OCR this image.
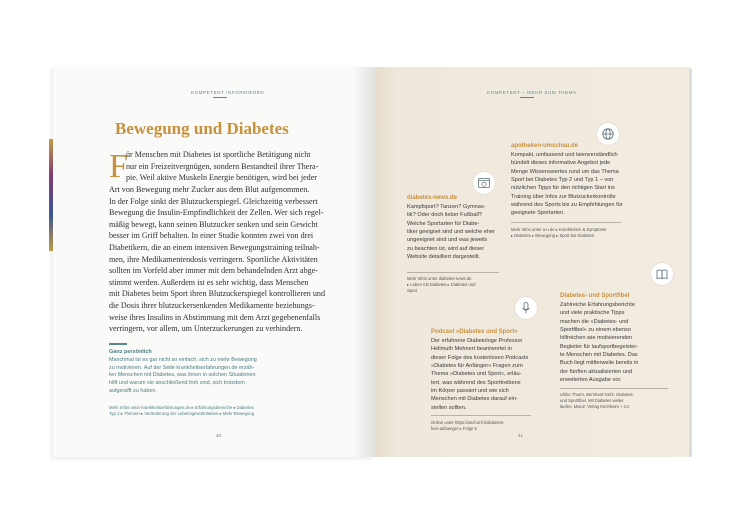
KOMPETENT INFORMIEREN
Bewegung und Diabetes
F
ür Menschen mit Diabetes ist sportliche Betätigung nicht
nur ein Freizeitvergnügen, sondern Bestandteil ihrer Thera-
pie. Weil aktive Muskeln Energie benötigen, wird bei jeder
Art von Bewegung mehr Zucker aus dem Blut aufgenommen.
In der Folge sinkt der Blutzuckerspiegel. Gleichzeitig verbessert
Bewegung die Insulin-Empfindlichkeit der Zellen. Wer sich regel-
mäßig bewegt, kann seinen Blutzucker senken und sein Gewicht
besser im Griff behalten. In einer Studie konnten zwei von drei
Diabetikern, die an einem intensiven Bewegungstraining teilnah-
men, ihre Medikamentendosis verringern. Sportliche Aktivitäten
sollten im Vorfeld aber immer mit dem behandelnden Arzt abge-
stimmt werden. Außerdem ist es sehr wichtig, dass Menschen
mit Diabetes beim Sport ihren Blutzuckerspiegel kontrollieren und
die Dosis ihrer blutzuckersenkenden Medikamente beziehungs-
weise ihres Insulins in Abstimmung mit dem Arzt gegebenenfalls
verringern, vor allem, um Unterzuckerungen zu verhindern.
Ganz persönlich
Manchmal ist es gar nicht so einfach, sich zu mehr Bewegung
zu motivieren. Auf der Seite krankheitserfahrungen.de erzäh-
len Menschen mit Diabetes, was ihnen in solchen Situationen
hilft und warum sie anschließend froh sind, sich trotzdem
aufgerafft zu haben.
Mehr Infos unter krankheitserfahrungen.de ▸ Erfahrungsbereiche ▸ Diabetes
Typ 2 ▸ Themen ▸ Veränderung der Lebensgewohnheiten ▸ Mehr Bewegung
40
KOMPETENT – MEHR ZUM THEMA
apotheken-umschau.de
Kompakt, umfassend und laienverständlich
bündelt dieses informative Angebot jede
Menge Wissenswertes rund um das Thema
Sport bei Diabetes Typ 2 und Typ 1 – von
nützlichen Tipps für den richtigen Start ins
Training über Infos zur Blutzuckerkontrolle
während des Sports bis zu Empfehlungen für
geeignete Sportarten.
Mehr Infos unter a-u.de ▸ Krankheiten & Symptome
▸ Diabetes ▸ Bewegung ▸ Sport bei Diabetes
diabetes-news.de
Kampfsport? Tanzen? Gymnas-
tik? Oder doch lieber Fußball?
Welche Sportarten für Diabe-
tiker geeignet sind und welche eher
ungeeignet sind und was jeweils
zu beachten ist, wird auf dieser
Website detailliert dargestellt.
Mehr Infos unter diabetes-news.de
▸ Leben mit Diabetes ▸ Diabetes und
Sport
Diabetes- und Sportfibel
Zahlreiche Erfahrungsberichte
und viele praktische Tipps
machen die »Diabetes- und
Sportfibel« zu einem ebenso
hilfreichen wie motivierenden
Begleiter für laufsportbegeister-
te Menschen mit Diabetes. Das
Buch liegt mittlerweile bereits in
der fünften aktualisierten und
erweiterten Ausgabe vor.
Ulrike Thurm, Bernhard Gehr: Diabetes-
und Sportfibel. Mit Diabetes weiter
laufen. Mainz: Verlag Kirchheim + Co
Podcast »Diabetes und Sport«
Der erfahrene Diabetologe Professor
Hellmuth Mehnert beantwortet in
dieser Folge des kostenlosen Podcasts
»Diabetes für Anfänger« Fragen zum
Thema »Diabetes und Sport«, erläu-
tert, was während des Sporttreibens
im Körper passiert und wie sich
Menschen mit Diabetes darauf ein-
stellen sollten.
Online unter https://anchor.fm/diabetes-
fuer-anfaenger ▸ Folge 5
41
